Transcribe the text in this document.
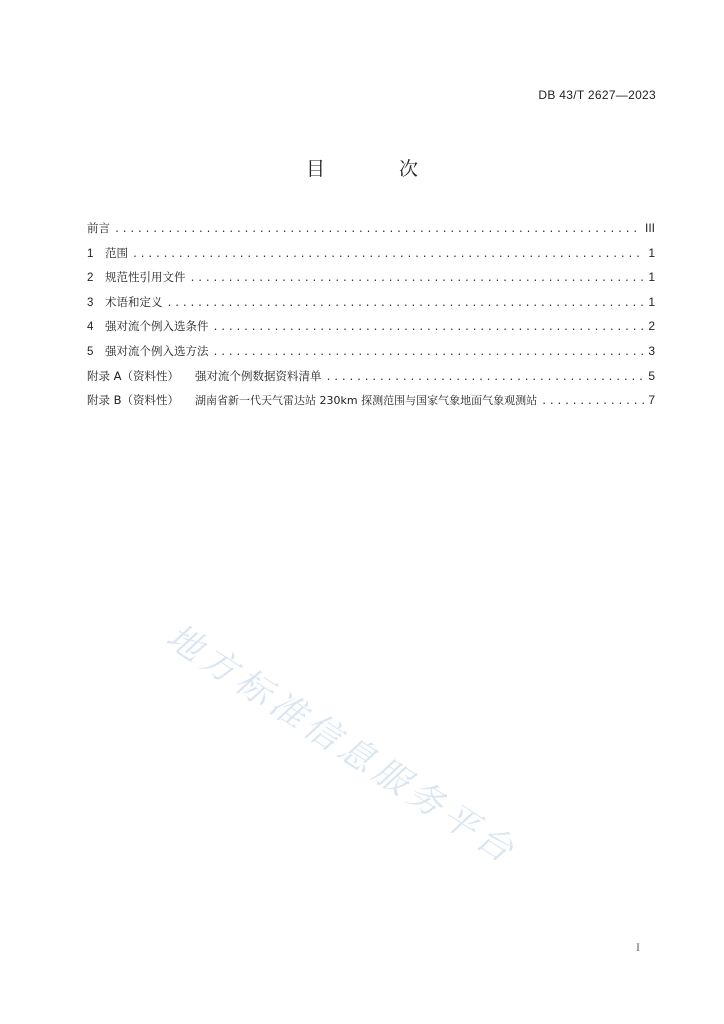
DB 43/T 2627—2023
目 次
前言 .....	III
1	范围 .....	1
2	规范性引用文件 .....	1
3	术语和定义 .....	1
4	强对流个例入选条件 .....	2
5	强对流个例入选方法 .....	3
附录 A（资料性） 强对流个例数据资料清单 .....	5
附录 B（资料性） 湖南省新一代天气雷达站 230km 探测范围与国家气象地面气象观测站 .....	7
地方标准信息服务平台
I
